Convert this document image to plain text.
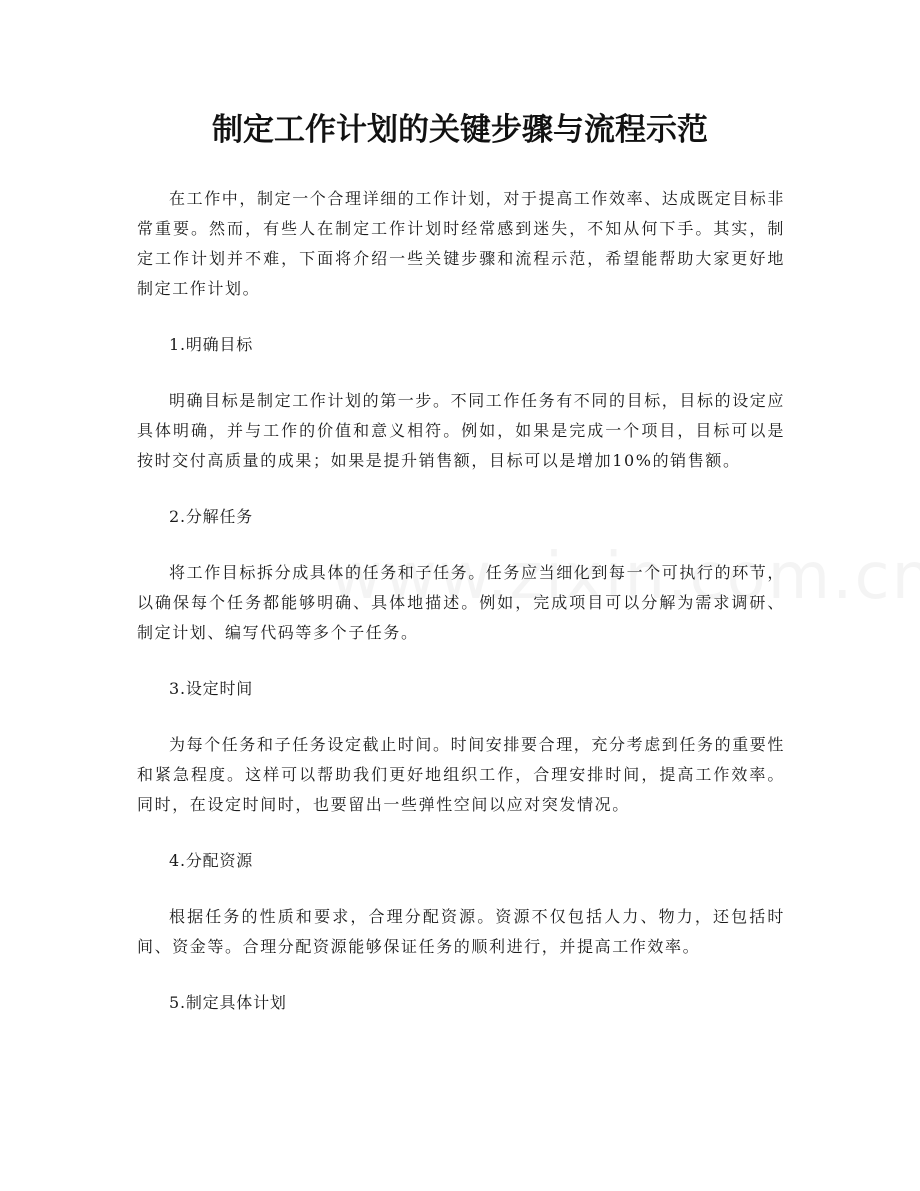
制定工作计划的关键步骤与流程示范

在工作中，制定一个合理详细的工作计划，对于提高工作效率、达成既定目标非常重要。然而，有些人在制定工作计划时经常感到迷失，不知从何下手。其实，制定工作计划并不难，下面将介绍一些关键步骤和流程示范，希望能帮助大家更好地制定工作计划。

1.明确目标

明确目标是制定工作计划的第一步。不同工作任务有不同的目标，目标的设定应具体明确，并与工作的价值和意义相符。例如，如果是完成一个项目，目标可以是按时交付高质量的成果；如果是提升销售额，目标可以是增加10%的销售额。

2.分解任务

将工作目标拆分成具体的任务和子任务。任务应当细化到每一个可执行的环节，以确保每个任务都能够明确、具体地描述。例如，完成项目可以分解为需求调研、制定计划、编写代码等多个子任务。

3.设定时间

为每个任务和子任务设定截止时间。时间安排要合理，充分考虑到任务的重要性和紧急程度。这样可以帮助我们更好地组织工作，合理安排时间，提高工作效率。同时，在设定时间时，也要留出一些弹性空间以应对突发情况。

4.分配资源

根据任务的性质和要求，合理分配资源。资源不仅包括人力、物力，还包括时间、资金等。合理分配资源能够保证任务的顺利进行，并提高工作效率。

5.制定具体计划
